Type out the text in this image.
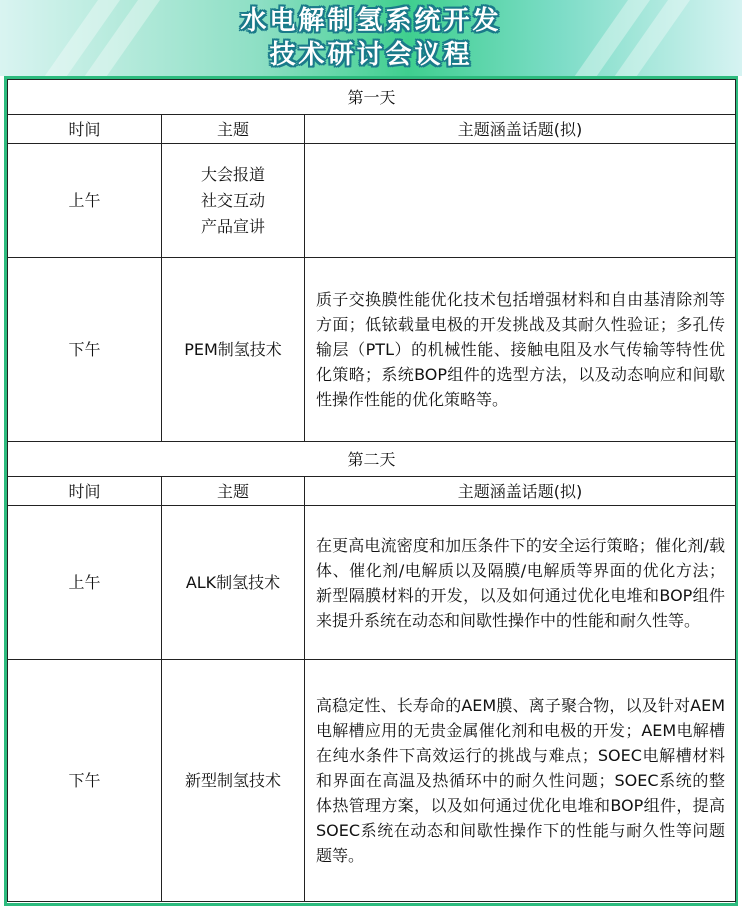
水电解制氢系统开发
技术研讨会议程
第一天		
时间	主题	主题涵盖话题(拟)
上午	大会报道
社交互动
产品宣讲	

下午	PEM制氢技术	质子交换膜性能优化技术包括增强材料和自由基清除剂等方面；低铱载量电极的开发挑战及其耐久性验证；多孔传输层（PTL）的机械性能、接触电阻及水气传输等特性优化策略；系统BOP组件的选型方法，以及动态响应和间歇性操作性能的优化策略等。

第二天		
时间	主题	主题涵盖话题(拟)
上午	ALK制氢技术	在更高电流密度和加压条件下的安全运行策略；催化剂/载体、催化剂/电解质以及隔膜/电解质等界面的优化方法；新型隔膜材料的开发，以及如何通过优化电堆和BOP组件来提升系统在动态和间歇性操作中的性能和耐久性等。

下午	新型制氢技术	高稳定性、长寿命的AEM膜、离子聚合物，以及针对AEM电解槽应用的无贵金属催化剂和电极的开发；AEM电解槽在纯水条件下高效运行的挑战与难点；SOEC电解槽材料和界面在高温及热循环中的耐久性问题；SOEC系统的整体热管理方案，以及如何通过优化电堆和BOP组件，提高SOEC系统在动态和间歇性操作下的性能与耐久性等问题题等。
